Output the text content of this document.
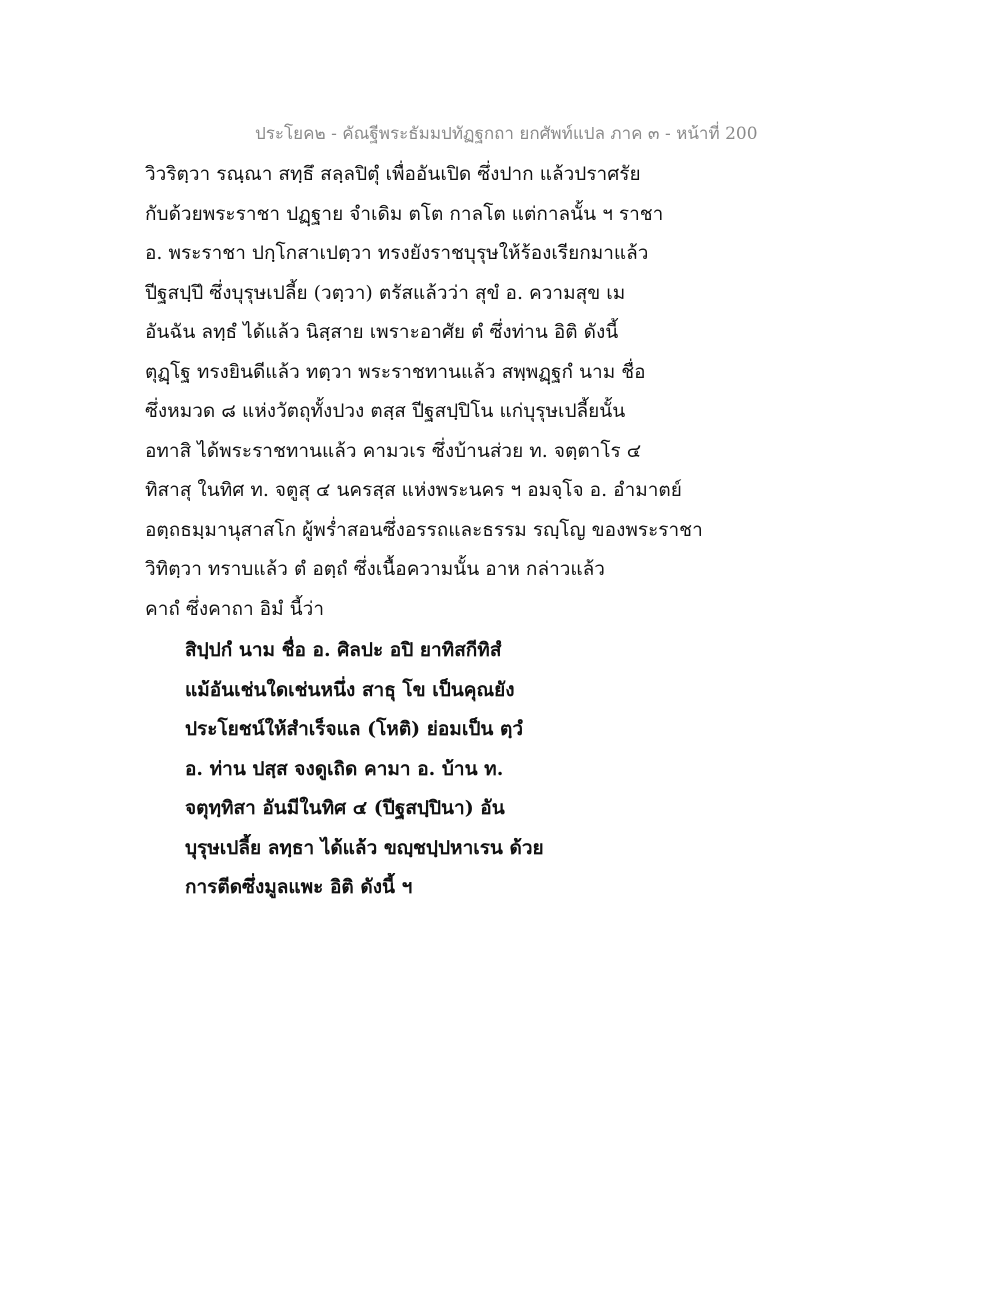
ประโยค๒ - คัณฐีพระธัมมปทัฏฐกถา ยกศัพท์แปล ภาค ๓ - หน้าที่ 200
วิวริตฺวา รณฺณา สทฺธึ สลฺลปิตุํ เพื่ออันเปิด ซึ่งปาก แล้วปราศรัย
กับด้วยพระราชา ปฏฺฐาย จำเดิม ตโต กาลโต แต่กาลนั้น ฯ ราชา
อ. พระราชา ปกฺโกสาเปตฺวา ทรงยังราชบุรุษให้ร้องเรียกมาแล้ว
ปีฐสปฺปึ ซึ่งบุรุษเปลี้ย (วตฺวา) ตรัสแล้วว่า สุขํ อ. ความสุข เม
อันฉัน ลทฺธํ ได้แล้ว นิสฺสาย เพราะอาศัย ตํ ซึ่งท่าน อิติ ดังนี้
ตุฏฺโฐ ทรงยินดีแล้ว ทตฺวา พระราชทานแล้ว สพฺพฏฺฐกํ นาม ชื่อ
ซึ่งหมวด ๘ แห่งวัตถุทั้งปวง ตสฺส ปีฐสปฺปิโน แก่บุรุษเปลี้ยนั้น
อทาสิ ได้พระราชทานแล้ว คามวเร ซึ่งบ้านส่วย ท. จตฺตาโร ๔
ทิสาสุ ในทิศ ท. จตูสุ ๔ นครสฺส แห่งพระนคร ฯ อมจฺโจ อ. อำมาตย์
อตฺถธมฺมานุสาสโก ผู้พร่ำสอนซึ่งอรรถและธรรม รญฺโญ ของพระราชา
วิทิตฺวา ทราบแล้ว ตํ อตฺถํ ซึ่งเนื้อความนั้น อาห กล่าวแล้ว
คาถํ ซึ่งคาถา อิมํ นี้ว่า
สิปฺปกํ นาม ชื่อ อ. ศิลปะ อปิ ยาทิสกีทิสํ
แม้อันเช่นใดเช่นหนึ่ง สาธุ โข เป็นคุณยัง
ประโยชน์ให้สำเร็จแล (โหติ) ย่อมเป็น ตฺวํ
อ. ท่าน ปสฺส จงดูเถิด คามา อ. บ้าน ท.
จตุทฺทิสา อันมีในทิศ ๔ (ปีฐสปฺปินา) อัน
บุรุษเปลี้ย ลทฺธา ได้แล้ว ขญฺชปฺปหาเรน ด้วย
การตีดซึ่งมูลแพะ อิติ ดังนี้ ฯ
